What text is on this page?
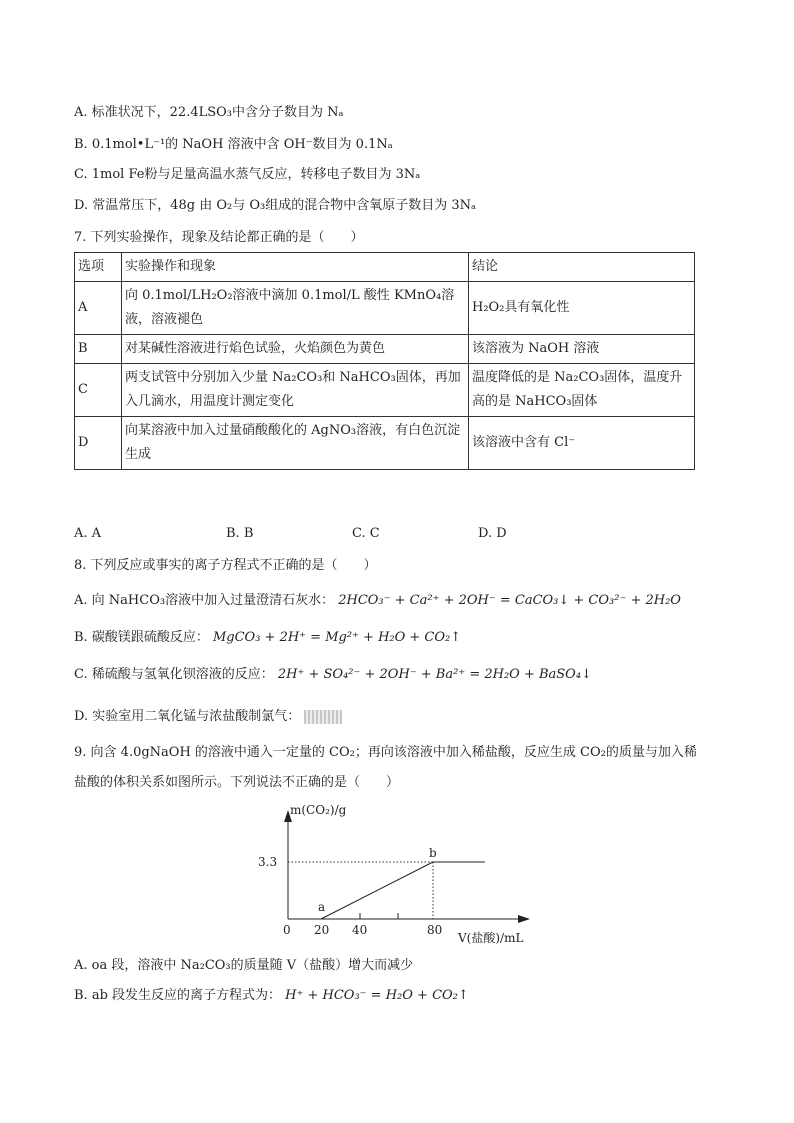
A. 标准状况下，22.4LSO₃中含分子数目为 Nₐ
B. 0.1mol•L⁻¹的 NaOH 溶液中含 OH⁻数目为 0.1Nₐ
C. 1mol Fe粉与足量高温水蒸气反应，转移电子数目为 3Nₐ
D. 常温常压下，48g 由 O₂与 O₃组成的混合物中含氧原子数目为 3Nₐ
7. 下列实验操作，现象及结论都正确的是（　　）
选项	实验操作和现象	结论
A	向 0.1mol/LH₂O₂溶液中滴加 0.1mol/L 酸性 KMnO₄溶液，溶液褪色	H₂O₂具有氧化性
B	对某碱性溶液进行焰色试验，火焰颜色为黄色	该溶液为 NaOH 溶液
C	两支试管中分别加入少量 Na₂CO₃和 NaHCO₃固体，再加入几滴水，用温度计测定变化	温度降低的是 Na₂CO₃固体，温度升高的是 NaHCO₃固体
D	向某溶液中加入过量硝酸酸化的 AgNO₃溶液，有白色沉淀生成	该溶液中含有 Cl⁻
A. A	B. B	C. C	D. D
8. 下列反应或事实的离子方程式不正确的是（　　）
A. 向 NaHCO₃溶液中加入过量澄清石灰水： 2HCO₃⁻ + Ca²⁺ + 2OH⁻ = CaCO₃↓ + CO₃²⁻ + 2H₂O
B. 碳酸镁跟硫酸反应： MgCO₃ + 2H⁺ = Mg²⁺ + H₂O + CO₂↑
C. 稀硫酸与氢氧化钡溶液的反应： 2H⁺ + SO₄²⁻ + 2OH⁻ + Ba²⁺ = 2H₂O + BaSO₄↓
D. 实验室用二氧化锰与浓盐酸制氯气：
9. 向含 4.0gNaOH 的溶液中通入一定量的 CO₂；再向该溶液中加入稀盐酸，反应生成 CO₂的质量与加入稀
盐酸的体积关系如图所示。下列说法不正确的是（　　）
m(CO₂)/g
V(盐酸)/mL
3.3
0 20 40	80
a
b
A. oa 段，溶液中 Na₂CO₃的质量随 V（盐酸）增大而减少
B. ab 段发生反应的离子方程式为： H⁺ + HCO₃⁻ = H₂O + CO₂↑
